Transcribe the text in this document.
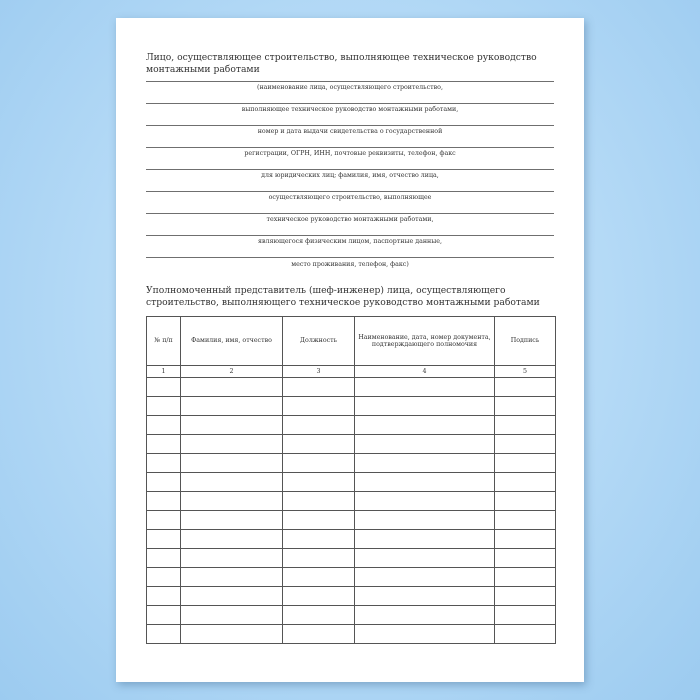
Лицо, осуществляющее строительство, выполняющее техническое руководство монтажными работами
(наименование лица, осуществляющего строительство,
выполняющее техническое руководство монтажными работами,
номер и дата выдачи свидетельства о государственной
регистрации, ОГРН, ИНН, почтовые реквизиты, телефон, факс
для юридических лиц; фамилия, имя, отчество лица,
осуществляющего строительство, выполняющее
техническое руководство монтажными работами,
являющегося физическим лицом, паспортные данные,
место проживания, телефон, факс)
Уполномоченный представитель (шеф-инженер) лица, осуществляющего строительство, выполняющего техническое руководство монтажными работами
№ п/п	Фамилия, имя, отчество	Должность	Наименование, дата, номер документа, подтверждающего полномочия	Подпись
1	2	3	4	5
